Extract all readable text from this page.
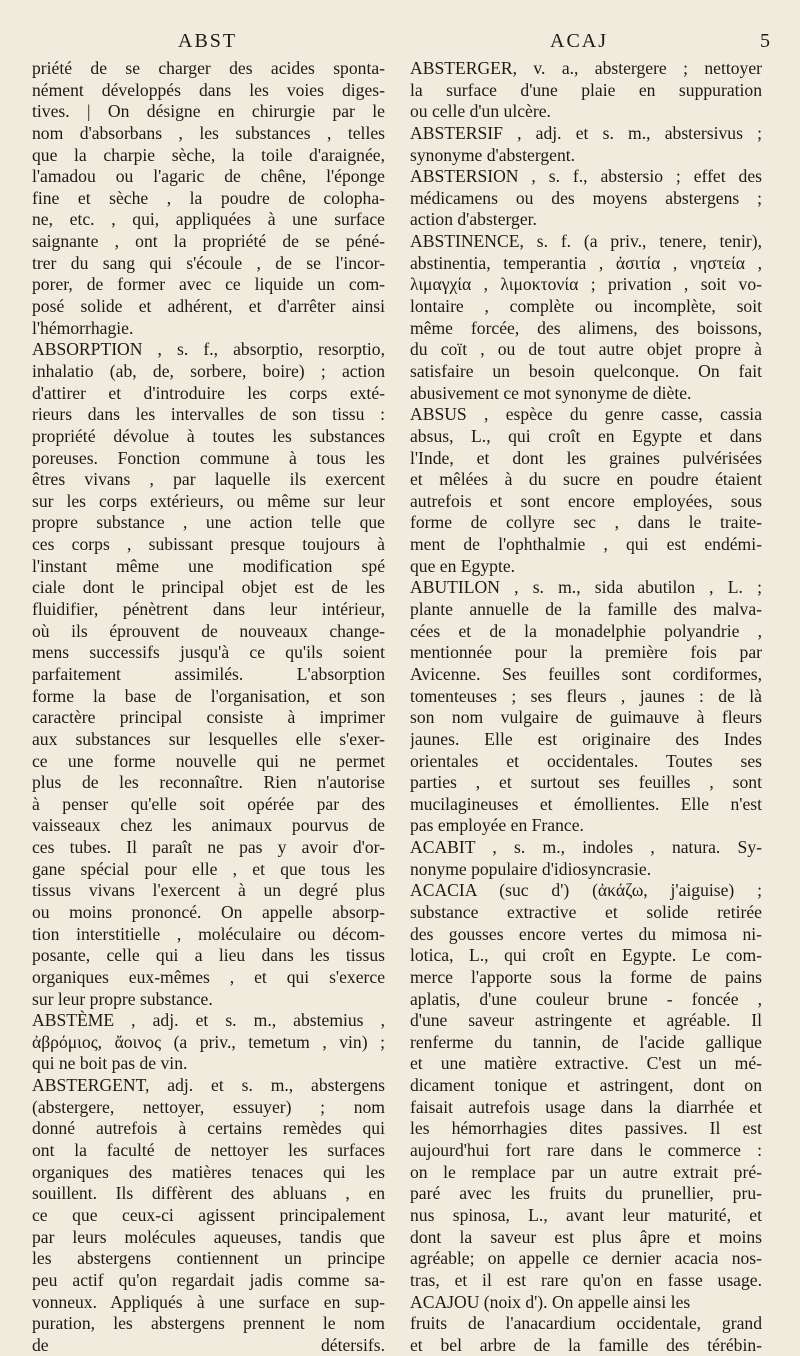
ABST	ACAJ	5
priété de se charger des acides sponta-
nément développés dans les voies diges-
tives. | On désigne en chirurgie par le
nom d'absorbans , les substances , telles
que la charpie sèche, la toile d'araignée,
l'amadou ou l'agaric de chêne, l'éponge
fine et sèche , la poudre de colopha-
ne, etc. , qui, appliquées à une surface
saignante , ont la propriété de se péné-
trer du sang qui s'écoule , de se l'incor-
porer, de former avec ce liquide un com-
posé solide et adhérent, et d'arrêter ainsi
l'hémorrhagie.
ABSORPTION , s. f., absorptio, resorptio,
inhalatio (ab, de, sorbere, boire) ; action
d'attirer et d'introduire les corps exté-
rieurs dans les intervalles de son tissu :
propriété dévolue à toutes les substances
poreuses. Fonction commune à tous les
êtres vivans , par laquelle ils exercent
sur les corps extérieurs, ou même sur leur
propre substance , une action telle que
ces corps , subissant presque toujours à
l'instant même une modification spé
ciale dont le principal objet est de les
fluidifier, pénètrent dans leur intérieur,
où ils éprouvent de nouveaux change-
mens successifs jusqu'à ce qu'ils soient
parfaitement assimilés. L'absorption
forme la base de l'organisation, et son
caractère principal consiste à imprimer
aux substances sur lesquelles elle s'exer-
ce une forme nouvelle qui ne permet
plus de les reconnaître. Rien n'autorise
à penser qu'elle soit opérée par des
vaisseaux chez les animaux pourvus de
ces tubes. Il paraît ne pas y avoir d'or-
gane spécial pour elle , et que tous les
tissus vivans l'exercent à un degré plus
ou moins prononcé. On appelle absorp-
tion interstitielle , moléculaire ou décom-
posante, celle qui a lieu dans les tissus
organiques eux-mêmes , et qui s'exerce
sur leur propre substance.
ABSTÈME , adj. et s. m., abstemius ,
ἀβρόμιος, ἄοινος (a priv., temetum , vin) ;
qui ne boit pas de vin.
ABSTERGENT, adj. et s. m., abstergens
(abstergere, nettoyer, essuyer) ; nom
donné autrefois à certains remèdes qui
ont la faculté de nettoyer les surfaces
organiques des matières tenaces qui les
souillent. Ils diffèrent des abluans , en
ce que ceux-ci agissent principalement
par leurs molécules aqueuses, tandis que
les abstergens contiennent un principe
peu actif qu'on regardait jadis comme sa-
vonneux. Appliqués à une surface en sup-
puration, les abstergens prennent le nom
de détersifs.
ABSTERGER, v. a., abstergere ; nettoyer
la surface d'une plaie en suppuration
ou celle d'un ulcère.
ABSTERSIF , adj. et s. m., abstersivus ;
synonyme d'abstergent.
ABSTERSION , s. f., abstersio ; effet des
médicamens ou des moyens abstergens ;
action d'absterger.
ABSTINENCE, s. f. (a priv., tenere, tenir),
abstinentia, temperantia , ἀσιτία , νηστεία ,
λιμαγχία , λιμοκτονία ; privation , soit vo-
lontaire , complète ou incomplète, soit
même forcée, des alimens, des boissons,
du coït , ou de tout autre objet propre à
satisfaire un besoin quelconque. On fait
abusivement ce mot synonyme de diète.
ABSUS , espèce du genre casse, cassia
absus, L., qui croît en Egypte et dans
l'Inde, et dont les graines pulvérisées
et mêlées à du sucre en poudre étaient
autrefois et sont encore employées, sous
forme de collyre sec , dans le traite-
ment de l'ophthalmie , qui est endémi-
que en Egypte.
ABUTILON , s. m., sida abutilon , L. ;
plante annuelle de la famille des malva-
cées et de la monadelphie polyandrie ,
mentionnée pour la première fois par
Avicenne. Ses feuilles sont cordiformes,
tomenteuses ; ses fleurs , jaunes : de là
son nom vulgaire de guimauve à fleurs
jaunes. Elle est originaire des Indes
orientales et occidentales. Toutes ses
parties , et surtout ses feuilles , sont
mucilagineuses et émollientes. Elle n'est
pas employée en France.
ACABIT , s. m., indoles , natura. Sy-
nonyme populaire d'idiosyncrasie.
ACACIA (suc d') (ἀκάζω, j'aiguise) ;
substance extractive et solide retirée
des gousses encore vertes du mimosa ni-
lotica, L., qui croît en Egypte. Le com-
merce l'apporte sous la forme de pains
aplatis, d'une couleur brune - foncée ,
d'une saveur astringente et agréable. Il
renferme du tannin, de l'acide gallique
et une matière extractive. C'est un mé-
dicament tonique et astringent, dont on
faisait autrefois usage dans la diarrhée et
les hémorrhagies dites passives. Il est
aujourd'hui fort rare dans le commerce :
on le remplace par un autre extrait pré-
paré avec les fruits du prunellier, pru-
nus spinosa, L., avant leur maturité, et
dont la saveur est plus âpre et moins
agréable; on appelle ce dernier acacia nos-
tras, et il est rare qu'on en fasse usage.
ACAJOU (noix d'). On appelle ainsi les
fruits de l'anacardium occidentale, grand
et bel arbre de la famille des térébin-
